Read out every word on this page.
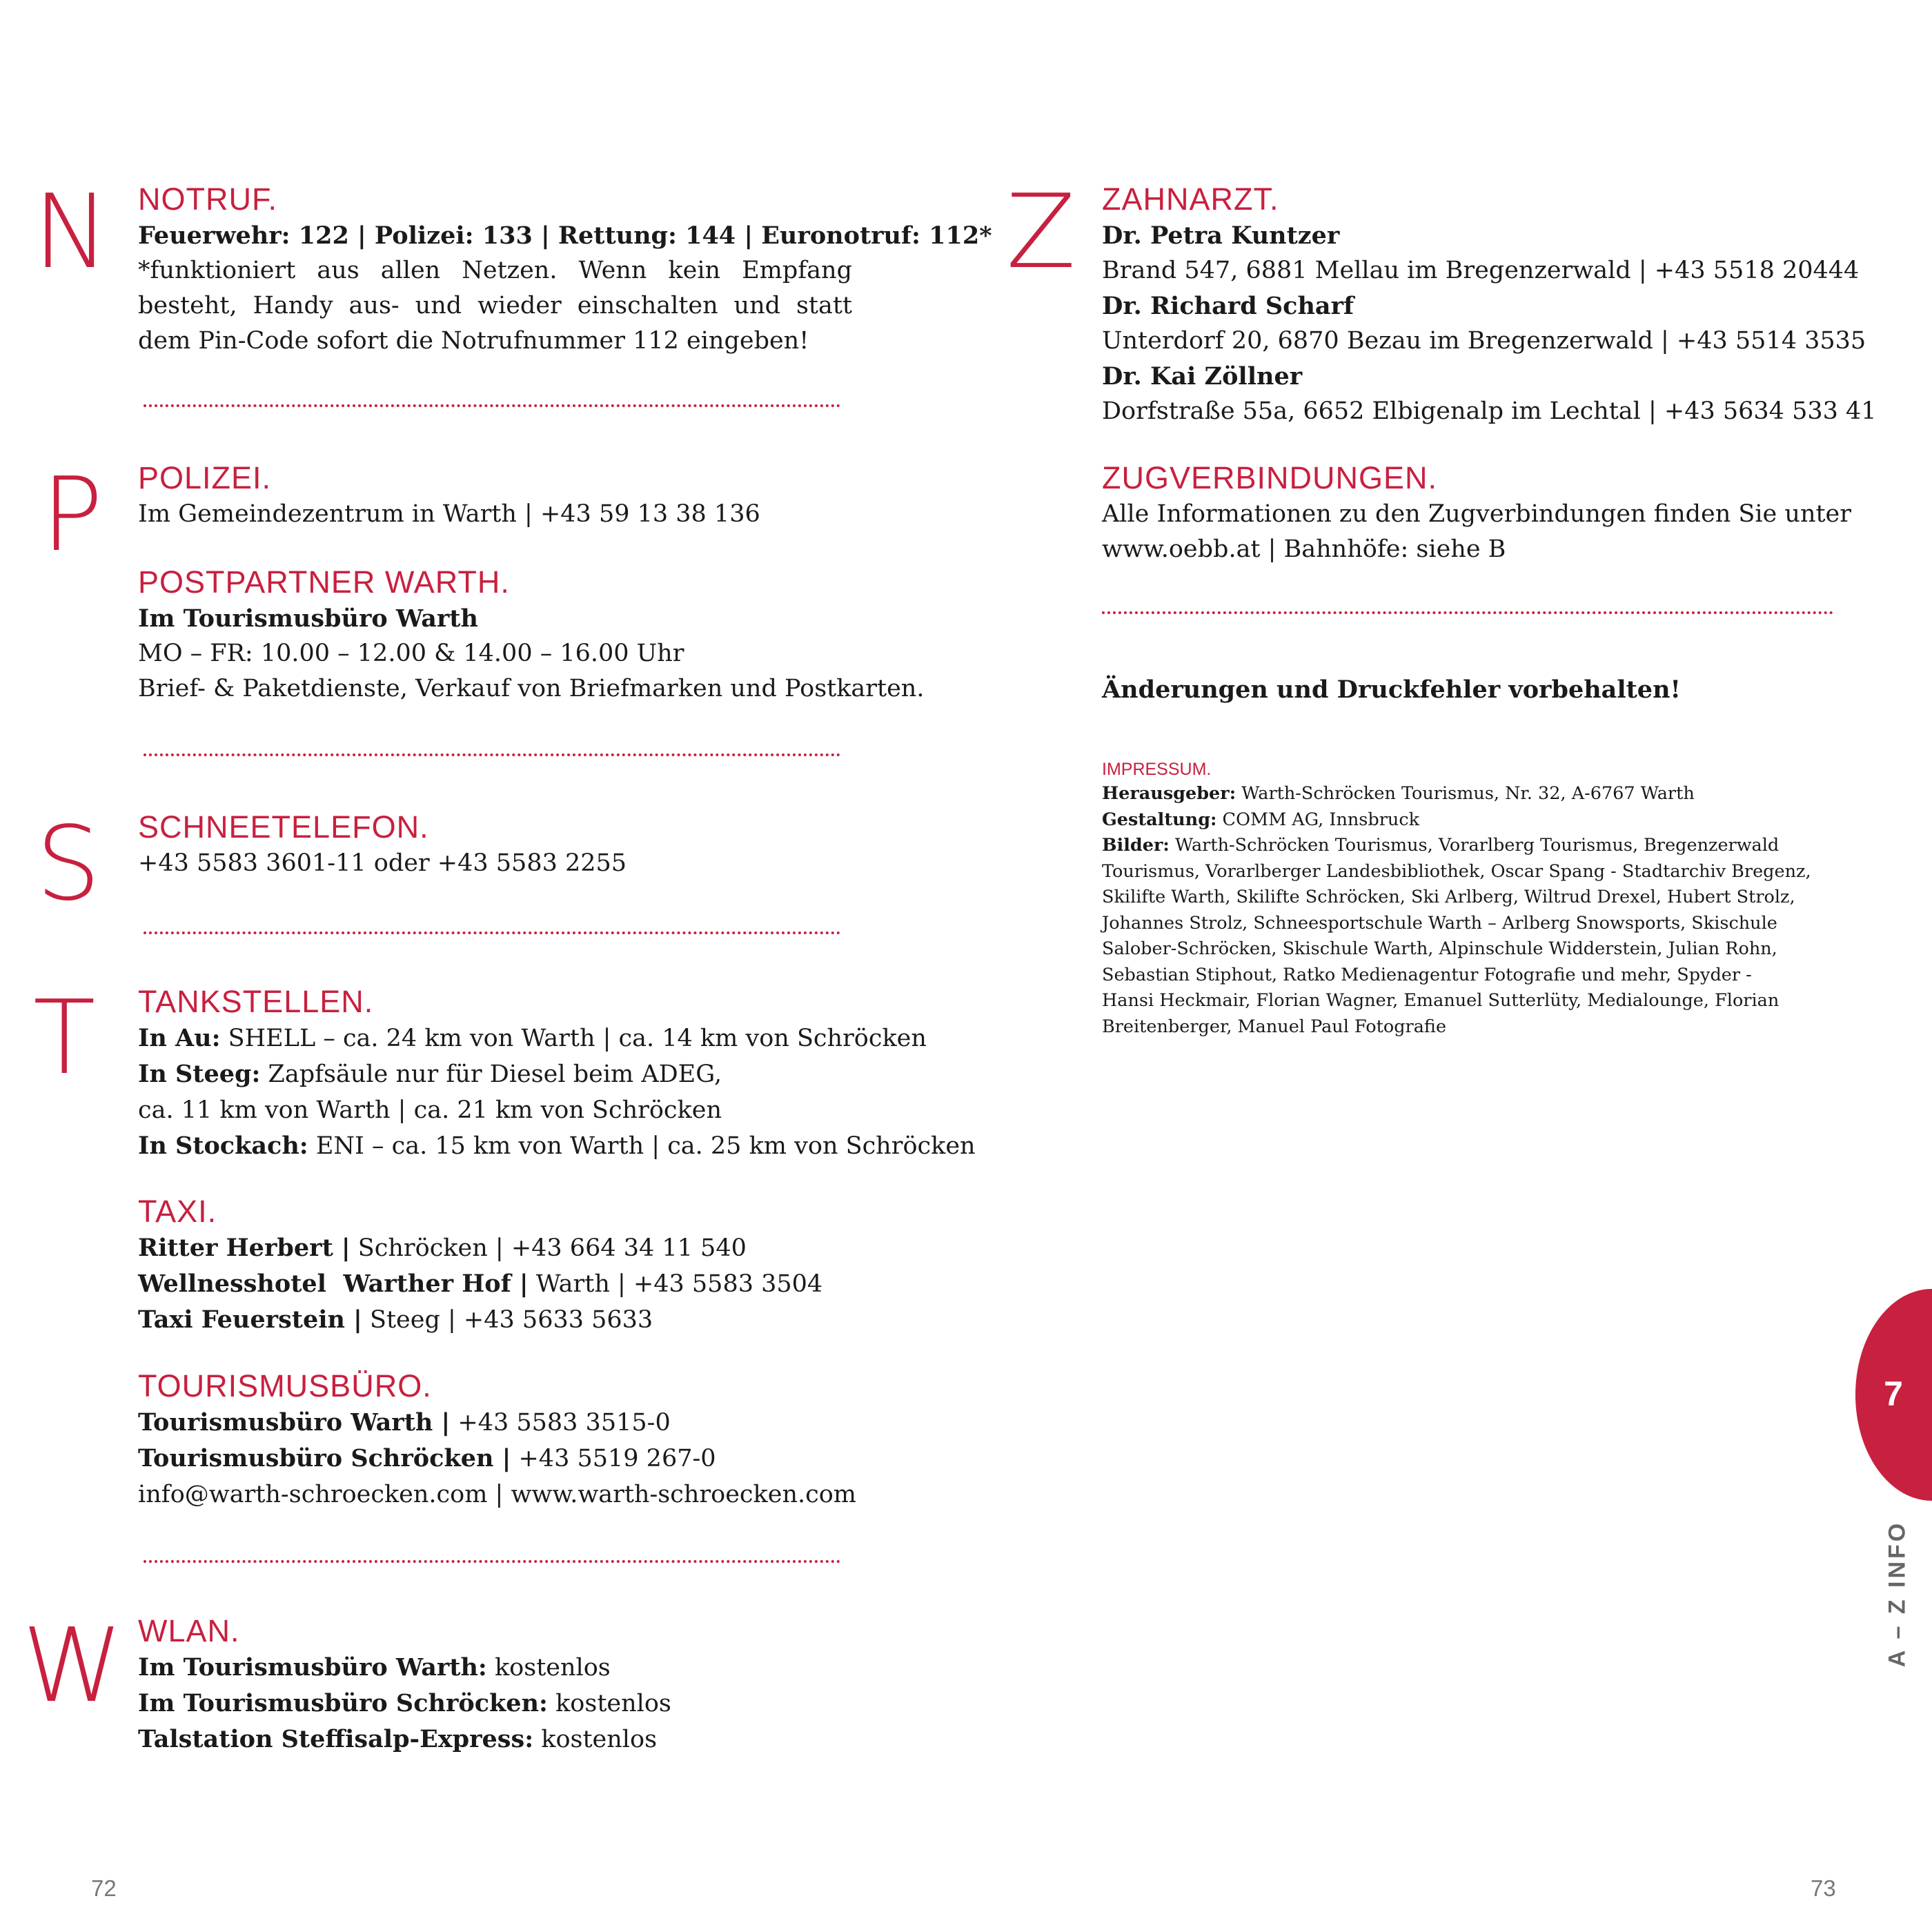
N
P
S
T
W
NOTRUF.
Feuerwehr: 122 | Polizei: 133 | Rettung: 144 | Euronotruf: 112*
*funktioniert aus allen Netzen. Wenn kein Empfang besteht, Handy aus- und wieder einschalten und statt dem Pin-Code sofort die Notrufnummer 112 eingeben!
POLIZEI.
Im Gemeindezentrum in Warth | +43 59 13 38 136
POSTPARTNER WARTH.
Im Tourismusbüro Warth
MO – FR: 10.00 – 12.00 & 14.00 – 16.00 Uhr
Brief- & Paketdienste, Verkauf von Briefmarken und Postkarten.
SCHNEETELEFON.
+43 5583 3601-11 oder +43 5583 2255
TANKSTELLEN.
In Au: SHELL – ca. 24 km von Warth | ca. 14 km von Schröcken
In Steeg: Zapfsäule nur für Diesel beim ADEG,
ca. 11 km von Warth | ca. 21 km von Schröcken
In Stockach: ENI – ca. 15 km von Warth | ca. 25 km von Schröcken
TAXI.
Ritter Herbert | Schröcken | +43 664 34 11 540
Wellnesshotel  Warther Hof | Warth | +43 5583 3504
Taxi Feuerstein | Steeg | +43 5633 5633
TOURISMUSBÜRO.
Tourismusbüro Warth | +43 5583 3515-0
Tourismusbüro Schröcken | +43 5519 267-0
info@warth-schroecken.com | www.warth-schroecken.com
WLAN.
Im Tourismusbüro Warth: kostenlos
Im Tourismusbüro Schröcken: kostenlos
Talstation Steffisalp-Express: kostenlos
72
Z ZAHNARZT.
Dr. Petra Kuntzer
Brand 547, 6881 Mellau im Bregenzerwald | +43 5518 20444
Dr. Richard Scharf
Unterdorf 20, 6870 Bezau im Bregenzerwald | +43 5514 3535
Dr. Kai Zöllner
Dorfstraße 55a, 6652 Elbigenalp im Lechtal | +43 5634 533 41
ZUGVERBINDUNGEN.
Alle Informationen zu den Zugverbindungen finden Sie unter
www.oebb.at | Bahnhöfe: siehe B
Änderungen und Druckfehler vorbehalten!
IMPRESSUM.
Herausgeber: Warth-Schröcken Tourismus, Nr. 32, A-6767 Warth
Gestaltung: COMM AG, Innsbruck
Bilder: Warth-Schröcken Tourismus, Vorarlberg Tourismus, Bregenzerwald
Tourismus, Vorarlberger Landesbibliothek, Oscar Spang - Stadtarchiv Bregenz,
Skilifte Warth, Skilifte Schröcken, Ski Arlberg, Wiltrud Drexel, Hubert Strolz,
Johannes Strolz, Schneesportschule Warth – Arlberg Snowsports, Skischule
Salober-Schröcken, Skischule Warth, Alpinschule Widderstein, Julian Rohn,
Sebastian Stiphout, Ratko Medienagentur Fotografie und mehr, Spyder -
Hansi Heckmair, Florian Wagner, Emanuel Sutterlüty, Medialounge, Florian
Breitenberger, Manuel Paul Fotografie
73
7
A – Z INFO
